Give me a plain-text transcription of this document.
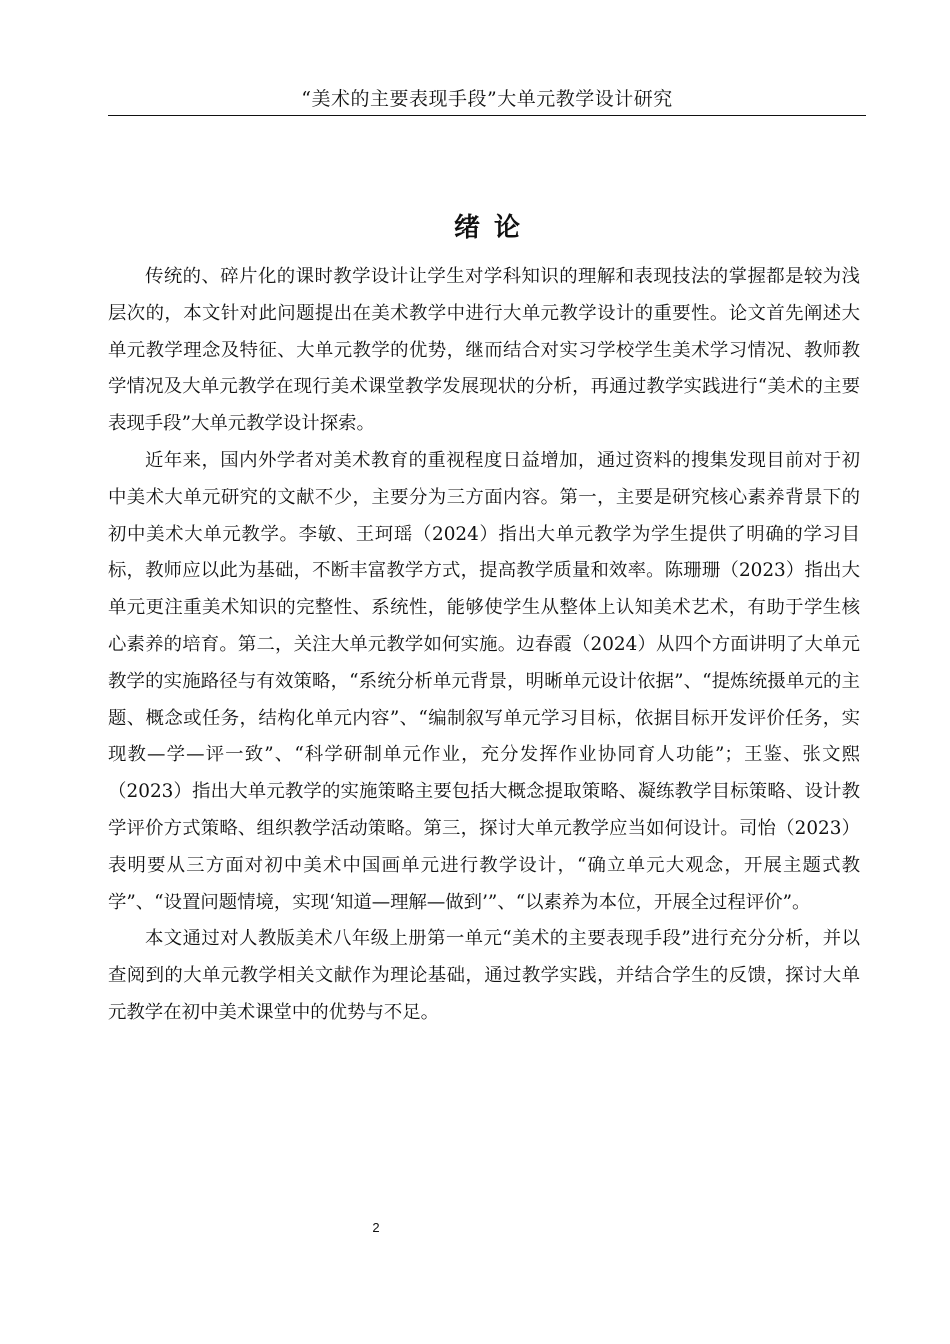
“美术的主要表现手段”大单元教学设计研究
绪论

传统的、碎片化的课时教学设计让学生对学科知识的理解和表现技法的掌握都是较为浅层次的，本文针对此问题提出在美术教学中进行大单元教学设计的重要性。论文首先阐述大单元教学理念及特征、大单元教学的优势，继而结合对实习学校学生美术学习情况、教师教学情况及大单元教学在现行美术课堂教学发展现状的分析，再通过教学实践进行“美术的主要表现手段”大单元教学设计探索。

近年来，国内外学者对美术教育的重视程度日益增加，通过资料的搜集发现目前对于初中美术大单元研究的文献不少，主要分为三方面内容。第一，主要是研究核心素养背景下的初中美术大单元教学。李敏、王珂瑶（2024）指出大单元教学为学生提供了明确的学习目标，教师应以此为基础，不断丰富教学方式，提高教学质量和效率。陈珊珊（2023）指出大单元更注重美术知识的完整性、系统性，能够使学生从整体上认知美术艺术，有助于学生核心素养的培育。第二，关注大单元教学如何实施。边春霞（2024）从四个方面讲明了大单元教学的实施路径与有效策略，“系统分析单元背景，明晰单元设计依据”、“提炼统摄单元的主题、概念或任务，结构化单元内容”、“编制叙写单元学习目标，依据目标开发评价任务，实现教—学—评一致”、“科学研制单元作业，充分发挥作业协同育人功能”；王鉴、张文熙（2023）指出大单元教学的实施策略主要包括大概念提取策略、凝练教学目标策略、设计教学评价方式策略、组织教学活动策略。第三，探讨大单元教学应当如何设计。司怡（2023）表明要从三方面对初中美术中国画单元进行教学设计，“确立单元大观念，开展主题式教学”、“设置问题情境，实现‘知道—理解—做到’”、“以素养为本位，开展全过程评价”。

本文通过对人教版美术八年级上册第一单元“美术的主要表现手段”进行充分分析，并以查阅到的大单元教学相关文献作为理论基础，通过教学实践，并结合学生的反馈，探讨大单元教学在初中美术课堂中的优势与不足。

2
